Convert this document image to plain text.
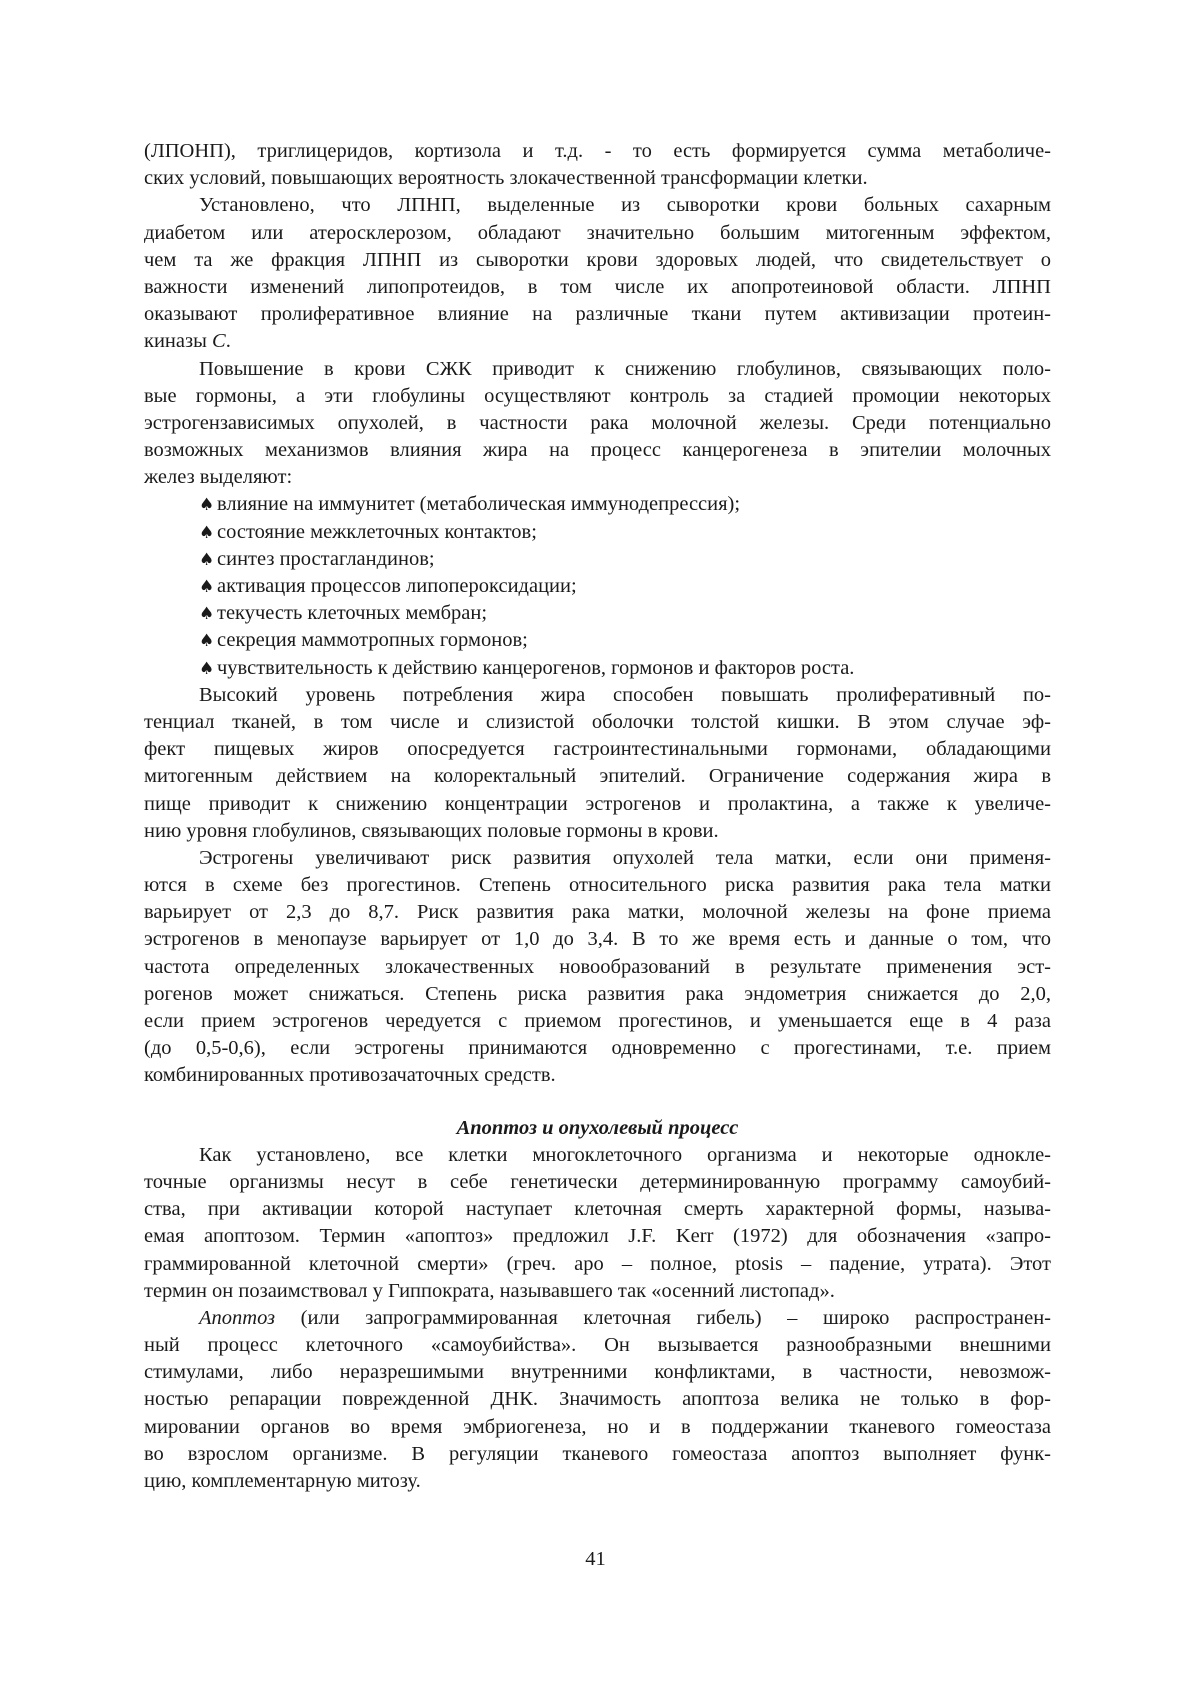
(ЛПОНП), триглицеридов, кортизола и т.д. - то есть формируется сумма метаболиче-
ских условий, повышающих вероятность злокачественной трансформации клетки.
Установлено, что ЛПНП, выделенные из сыворотки крови больных сахарным
диабетом или атеросклерозом, обладают значительно большим митогенным эффектом,
чем та же фракция ЛПНП из сыворотки крови здоровых людей, что свидетельствует о
важности изменений липопротеидов, в том числе их апопротеиновой области. ЛПНП
оказывают пролиферативное влияние на различные ткани путем активизации протеин-
киназы C.
Повышение в крови СЖК приводит к снижению глобулинов, связывающих поло-
вые гормоны, а эти глобулины осуществляют контроль за стадией промоции некоторых
эстрогензависимых опухолей, в частности рака молочной железы. Среди потенциально
возможных механизмов влияния жира на процесс канцерогенеза в эпителии молочных
желез выделяют:
♠ влияние на иммунитет (метаболическая иммунодепрессия);
♠ состояние межклеточных контактов;
♠ синтез простагландинов;
♠ активация процессов липопероксидации;
♠ текучесть клеточных мембран;
♠ секреция маммотропных гормонов;
♠ чувствительность к действию канцерогенов, гормонов и факторов роста.
Высокий уровень потребления жира способен повышать пролиферативный по-
тенциал тканей, в том числе и слизистой оболочки толстой кишки. В этом случае эф-
фект пищевых жиров опосредуется гастроинтестинальными гормонами, обладающими
митогенным действием на колоректальный эпителий. Ограничение содержания жира в
пище приводит к снижению концентрации эстрогенов и пролактина, а также к увеличе-
нию уровня глобулинов, связывающих половые гормоны в крови.
Эстрогены увеличивают риск развития опухолей тела матки, если они применя-
ются в схеме без прогестинов. Степень относительного риска развития рака тела матки
варьирует от 2,3 до 8,7. Риск развития рака матки, молочной железы на фоне приема
эстрогенов в менопаузе варьирует от 1,0 до 3,4. В то же время есть и данные о том, что
частота определенных злокачественных новообразований в результате применения эст-
рогенов может снижаться. Степень риска развития рака эндометрия снижается до 2,0,
если прием эстрогенов чередуется с приемом прогестинов, и уменьшается еще в 4 раза
(до 0,5-0,6), если эстрогены принимаются одновременно с прогестинами, т.е. прием
комбинированных противозачаточных средств.
Апоптоз и опухолевый процесс
Как установлено, все клетки многоклеточного организма и некоторые однокле-
точные организмы несут в себе генетически детерминированную программу самоубий-
ства, при активации которой наступает клеточная смерть характерной формы, называ-
емая апоптозом. Термин «апоптоз» предложил J.F. Kerr (1972) для обозначения «запро-
граммированной клеточной смерти» (греч. apo – полное, ptosis – падение, утрата). Этот
термин он позаимствовал у Гиппократа, называвшего так «осенний листопад».
Апоптоз (или запрограммированная клеточная гибель) – широко распространен-
ный процесс клеточного «самоубийства». Он вызывается разнообразными внешними
стимулами, либо неразрешимыми внутренними конфликтами, в частности, невозмож-
ностью репарации поврежденной ДНК. Значимость апоптоза велика не только в фор-
мировании органов во время эмбриогенеза, но и в поддержании тканевого гомеостаза
во взрослом организме. В регуляции тканевого гомеостаза апоптоз выполняет функ-
цию, комплементарную митозу.
41
